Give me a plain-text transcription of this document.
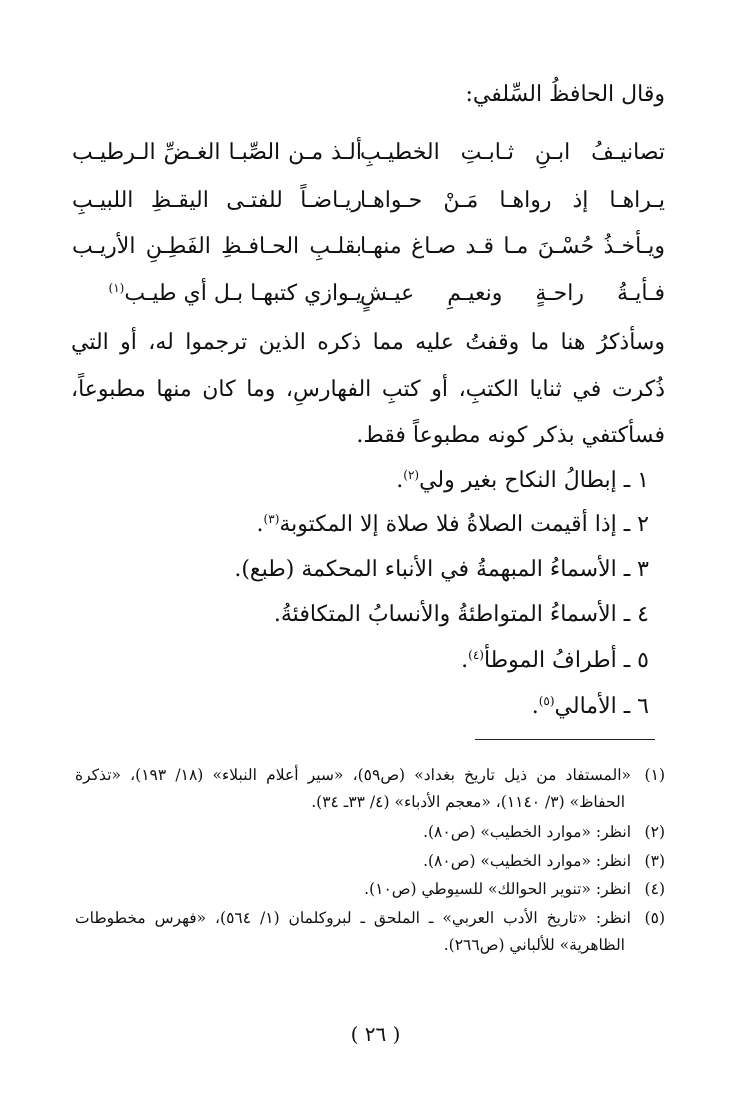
وقال الحافظُ السِّلفي:
تصانيـفُ ابـنِ ثـابـتِ الخطيـبِ
ألـذ مـن الصِّبـا الغـضِّ الـرطيـب
يـراهـا إذ رواهـا مَـنْ حـواهـا
ريـاضـاً للفتـى اليقـظِ اللبيـبِ
ويـأخـذُ حُسْـنَ مـا قـد صـاغ منهـا
بقلـبِ الحـافـظِ الفَطِـنِ الأريـب
فـأيـةُ راحـةٍ ونعيـمِ عيـشٍ
يـوازي كتبهـا بـل أي طيـب$^{(١)}$
وسأذكرُ هنا ما وقفتُ عليه مما ذكره الذين ترجموا له، أو التي
ذُكرت في ثنايا الكتبِ، أو كتبِ الفهارسِ، وما كان منها مطبوعاً،
فسأكتفي بذكر كونه مطبوعاً فقط.
١ ـ إبطالُ النكاح بغير ولي$^{(٢)}$.
٢ ـ إذا أقيمت الصلاةُ فلا صلاة إلا المكتوبة$^{(٣)}$.
٣ ـ الأسماءُ المبهمةُ في الأنباء المحكمة (طبع).
٤ ـ الأسماءُ المتواطئةُ والأنسابُ المتكافئةُ.
٥ ـ أطرافُ الموطأ$^{(٤)}$.
٦ ـ الأمالي$^{(٥)}$.
(١)«المستفاد من ذيل تاريخ بغداد» (ص٥٩)، «سير أعلام النبلاء» (١٨/ ١٩٣)، «تذكرة
الحفاظ» (٣/ ١١٤٠)، «معجم الأدباء» (٤/ ٣٣ـ ٣٤).
(٢)انظر: «موارد الخطيب» (ص٨٠).
(٣)انظر: «موارد الخطيب» (ص٨٠).
(٤)انظر: «تنوير الحوالك» للسيوطي (ص١٠).
(٥)انظر: «تاريخ الأدب العربي» ـ الملحق ـ لبروكلمان (١/ ٥٦٤)، «فهرس مخطوطات
الظاهرية» للألباني (ص٢٦٦).
( ٢٦ )
